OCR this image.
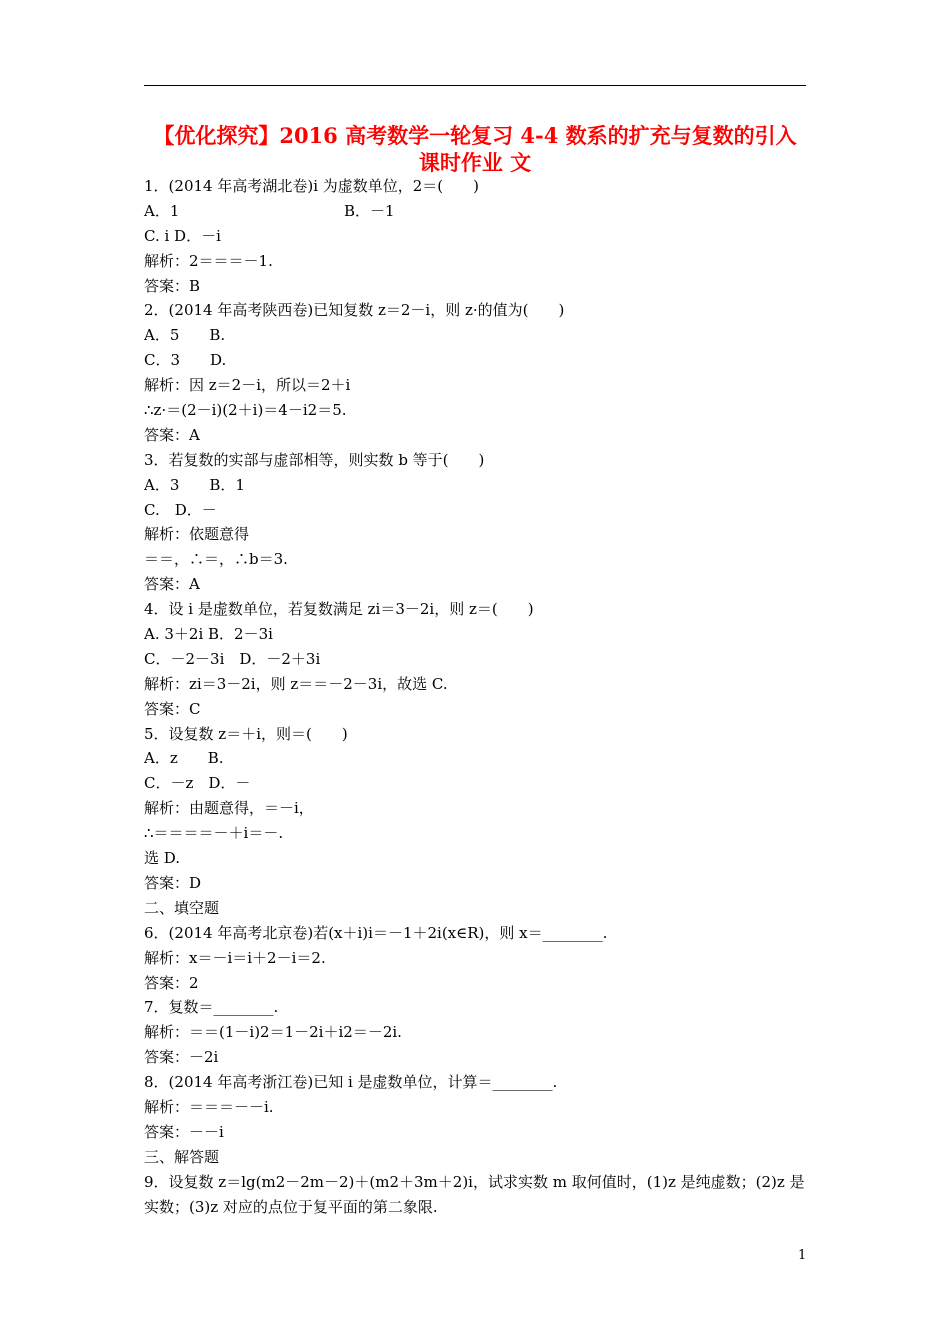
【优化探究】2016 高考数学一轮复习 4-4 数系的扩充与复数的引入
课时作业 文
1．(2014 年高考湖北卷)i 为虚数单位，2＝(　　)
A．1	B．－1
C. i D．－i
解析：2＝＝＝－1.
答案：B
2．(2014 年高考陕西卷)已知复数 z＝2－i，则 z·的值为(　　)
A．5　　B.
C．3　　D.
解析：因 z＝2－i，所以＝2＋i
∴z·＝(2－i)(2＋i)＝4－i2＝5.
答案：A
3．若复数的实部与虚部相等，则实数 b 等于(　　)
A．3　　B．1
C.　D．－
解析：依题意得
＝＝，∴＝，∴b＝3.
答案：A
4．设 i 是虚数单位，若复数满足 zi＝3－2i，则 z＝(　　)
A. 3＋2i B．2－3i
C．－2－3i　D．－2＋3i
解析：zi＝3－2i，则 z＝＝－2－3i，故选 C.
答案：C
5．设复数 z＝＋i，则＝(　　)
A．z　　B.
C．－z　D．－
解析：由题意得，＝－i，
∴＝＝＝＝－＋i＝－.
选 D.
答案：D
二、填空题
6．(2014 年高考北京卷)若(x＋i)i＝－1＋2i(x∈R)，则 x＝________.
解析：x＝－i＝i＋2－i＝2.
答案：2
7．复数＝________.
解析：＝＝(1－i)2＝1－2i＋i2＝－2i.
答案：－2i
8．(2014 年高考浙江卷)已知 i 是虚数单位，计算＝________.
解析：＝＝＝－－i.
答案：－－i
三、解答题
9．设复数 z＝lg(m2－2m－2)＋(m2＋3m＋2)i，试求实数 m 取何值时，(1)z 是纯虚数；(2)z 是
实数；(3)z 对应的点位于复平面的第二象限.
1
